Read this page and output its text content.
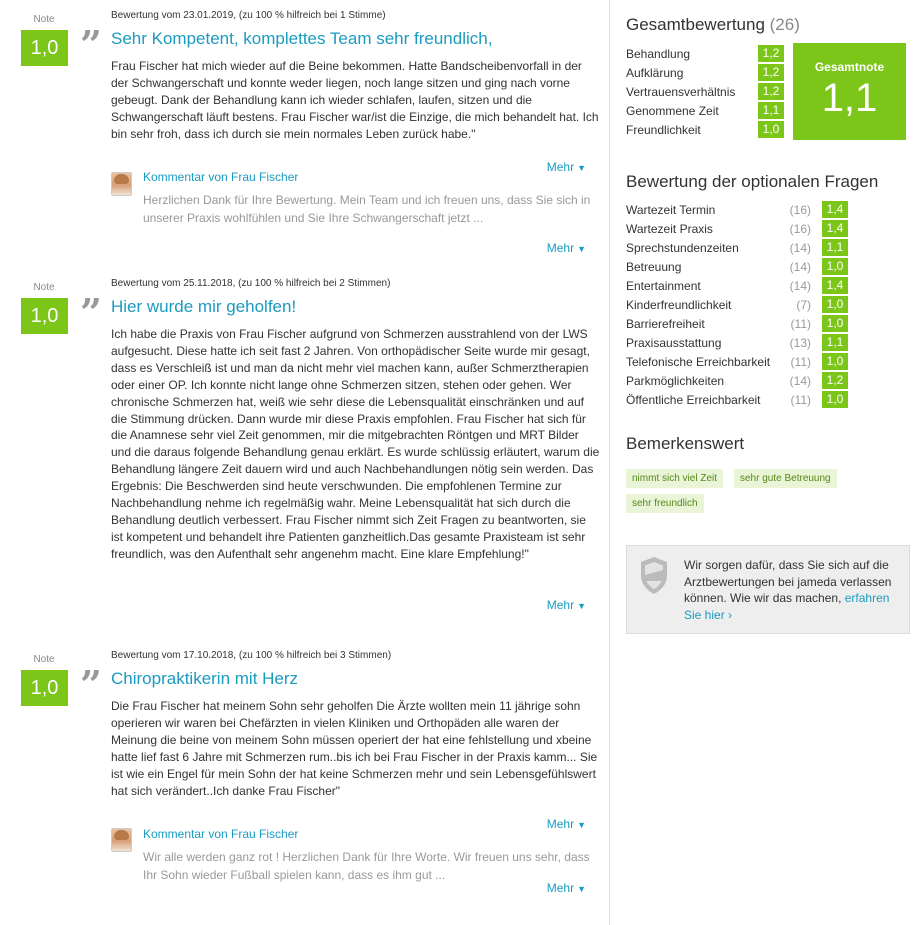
Note
1,0
Bewertung vom 23.01.2019, (zu 100 % hilfreich bei 1 Stimme)
” Sehr Kompetent, komplettes Team sehr freundlich,
Frau Fischer hat mich wieder auf die Beine bekommen. Hatte Bandscheibenvorfall in der der Schwangerschaft und konnte weder liegen, noch lange sitzen und ging nach vorne gebeugt. Dank der Behandlung kann ich wieder schlafen, laufen, sitzen und die Schwangerschaft läuft bestens. Frau Fischer war/ist die Einzige, die mich behandelt hat. Ich bin sehr froh, dass ich durch sie mein normales Leben zurück habe."
Mehr ▼
Kommentar von Frau Fischer
Herzlichen Dank für Ihre Bewertung. Mein Team und ich freuen uns, dass Sie sich in unserer Praxis wohlfühlen und Sie Ihre Schwangerschaft jetzt ...
Mehr ▼
Note
1,0
Bewertung vom 25.11.2018, (zu 100 % hilfreich bei 2 Stimmen)
” Hier wurde mir geholfen!
Ich habe die Praxis von Frau Fischer aufgrund von Schmerzen ausstrahlend von der LWS aufgesucht. Diese hatte ich seit fast 2 Jahren. Von orthopädischer Seite wurde mir gesagt, dass es Verschleiß ist und man da nicht mehr viel machen kann, außer Schmerztherapien oder einer OP. Ich konnte nicht lange ohne Schmerzen sitzen, stehen oder gehen. Wer chronische Schmerzen hat, weiß wie sehr diese die Lebensqualität einschränken und auf die Stimmung drücken. Dann wurde mir diese Praxis empfohlen. Frau Fischer hat sich für die Anamnese sehr viel Zeit genommen, mir die mitgebrachten Röntgen und MRT Bilder und die daraus folgende Behandlung genau erklärt. Es wurde schlüssig erläutert, warum die Behandlung längere Zeit dauern wird und auch Nachbehandlungen nötig sein werden. Das Ergebnis: Die Beschwerden sind heute verschwunden. Die empfohlenen Termine zur Nachbehandlung nehme ich regelmäßig wahr. Meine Lebensqualität hat sich durch die Behandlung deutlich verbessert. Frau Fischer nimmt sich Zeit Fragen zu beantworten, sie ist kompetent und behandelt ihre Patienten ganzheitlich.Das gesamte Praxisteam ist sehr freundlich, was den Aufenthalt sehr angenehm macht. Eine klare Empfehlung!"
Mehr ▼
Note
1,0
Bewertung vom 17.10.2018, (zu 100 % hilfreich bei 3 Stimmen)
” Chiropraktikerin mit Herz
Die Frau Fischer hat meinem Sohn sehr geholfen Die Ärzte wollten mein 11 jährige sohn operieren wir waren bei Chefärzten in vielen Kliniken und Orthopäden alle waren der Meinung die beine von meinem Sohn müssen operiert der hat eine fehlstellung und xbeine hatte lief fast 6 Jahre mit Schmerzen rum..bis ich bei Frau Fischer in der Praxis kamm... Sie ist wie ein Engel für mein Sohn der hat keine Schmerzen mehr und sein Lebensgefühlswert hat sich verändert..Ich danke Frau Fischer"
Mehr ▼
Kommentar von Frau Fischer
Wir alle werden ganz rot ! Herzlichen Dank für Ihre Worte. Wir freuen uns sehr, dass Ihr Sohn wieder Fußball spielen kann, dass es ihm gut ...
Mehr ▼
Gesamtbewertung (26)
Behandlung	1,2
Aufklärung	1,2
Vertrauensverhältnis	1,2
Genommene Zeit	1,1
Freundlichkeit	1,0
Gesamtnote
1,1
Bewertung der optionalen Fragen
Wartezeit Termin	(16)	1,4
Wartezeit Praxis	(16)	1,4
Sprechstundenzeiten	(14)	1,1
Betreuung	(14)	1,0
Entertainment	(14)	1,4
Kinderfreundlichkeit	(7)	1,0
Barrierefreiheit	(11)	1,0
Praxisausstattung	(13)	1,1
Telefonische Erreichbarkeit (11)	1,0
Parkmöglichkeiten	(14)	1,2
Öffentliche Erreichbarkeit	(11)	1,0
Bemerkenswert
nimmt sich viel Zeit	sehr gute Betreuung
sehr freundlich
Wir sorgen dafür, dass Sie sich auf die Arztbewertungen bei jameda verlassen können. Wie wir das machen, erfahren Sie hier ›
